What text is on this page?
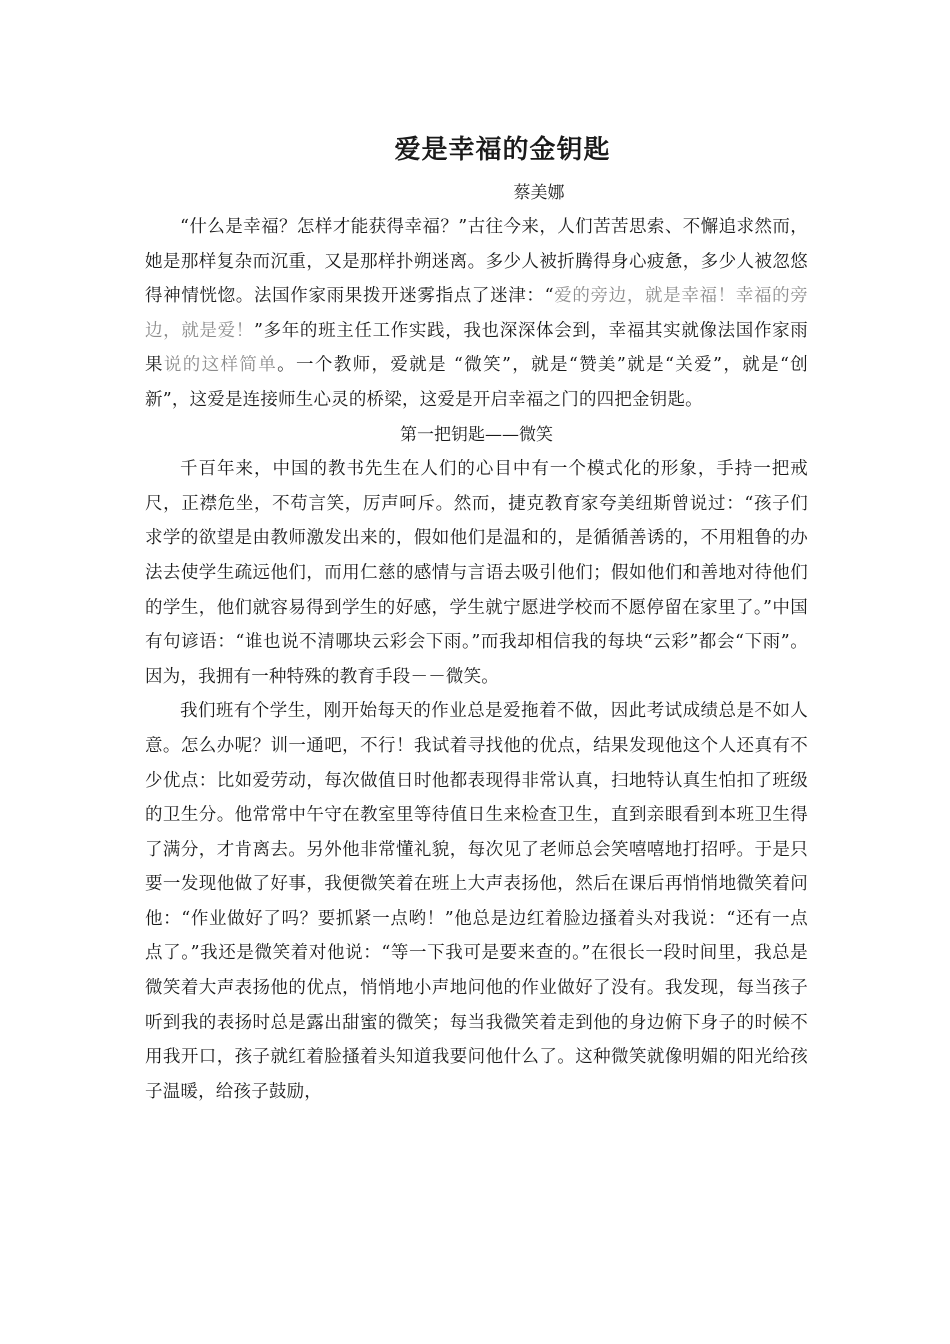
爱是幸福的金钥匙
蔡美娜

“什么是幸福？怎样才能获得幸福？”古往今来，人们苦苦思索、不懈追求然而，她是那样复杂而沉重，又是那样扑朔迷离。多少人被折腾得身心疲惫，多少人被忽悠得神情恍惚。法国作家雨果拨开迷雾指点了迷津：“爱的旁边，就是幸福！幸福的旁边，就是爱！”多年的班主任工作实践，我也深深体会到，幸福其实就像法国作家雨果说的这样简单。一个教师，爱就是 “微笑”，就是“赞美”就是“关爱”，就是“创新”，这爱是连接师生心灵的桥梁，这爱是开启幸福之门的四把金钥匙。

第一把钥匙——微笑

千百年来，中国的教书先生在人们的心目中有一个模式化的形象，手持一把戒尺，正襟危坐，不苟言笑，厉声呵斥。然而，捷克教育家夸美纽斯曾说过：“孩子们求学的欲望是由教师激发出来的，假如他们是温和的，是循循善诱的，不用粗鲁的办法去使学生疏远他们，而用仁慈的感情与言语去吸引他们；假如他们和善地对待他们的学生，他们就容易得到学生的好感，学生就宁愿进学校而不愿停留在家里了。”中国有句谚语：“谁也说不清哪块云彩会下雨。”而我却相信我的每块“云彩”都会“下雨”。因为，我拥有一种特殊的教育手段－－微笑。

我们班有个学生，刚开始每天的作业总是爱拖着不做，因此考试成绩总是不如人意。怎么办呢？训一通吧，不行！我试着寻找他的优点，结果发现他这个人还真有不少优点：比如爱劳动，每次做值日时他都表现得非常认真，扫地特认真生怕扣了班级的卫生分。他常常中午守在教室里等待值日生来检查卫生，直到亲眼看到本班卫生得了满分，才肯离去。另外他非常懂礼貌，每次见了老师总会笑嘻嘻地打招呼。于是只要一发现他做了好事，我便微笑着在班上大声表扬他，然后在课后再悄悄地微笑着问他：“作业做好了吗？要抓紧一点哟！”他总是边红着脸边搔着头对我说：“还有一点点了。”我还是微笑着对他说：“等一下我可是要来查的。”在很长一段时间里，我总是微笑着大声表扬他的优点，悄悄地小声地问他的作业做好了没有。我发现，每当孩子听到我的表扬时总是露出甜蜜的微笑；每当我微笑着走到他的身边俯下身子的时候不用我开口，孩子就红着脸搔着头知道我要问他什么了。这种微笑就像明媚的阳光给孩子温暖，给孩子鼓励，
